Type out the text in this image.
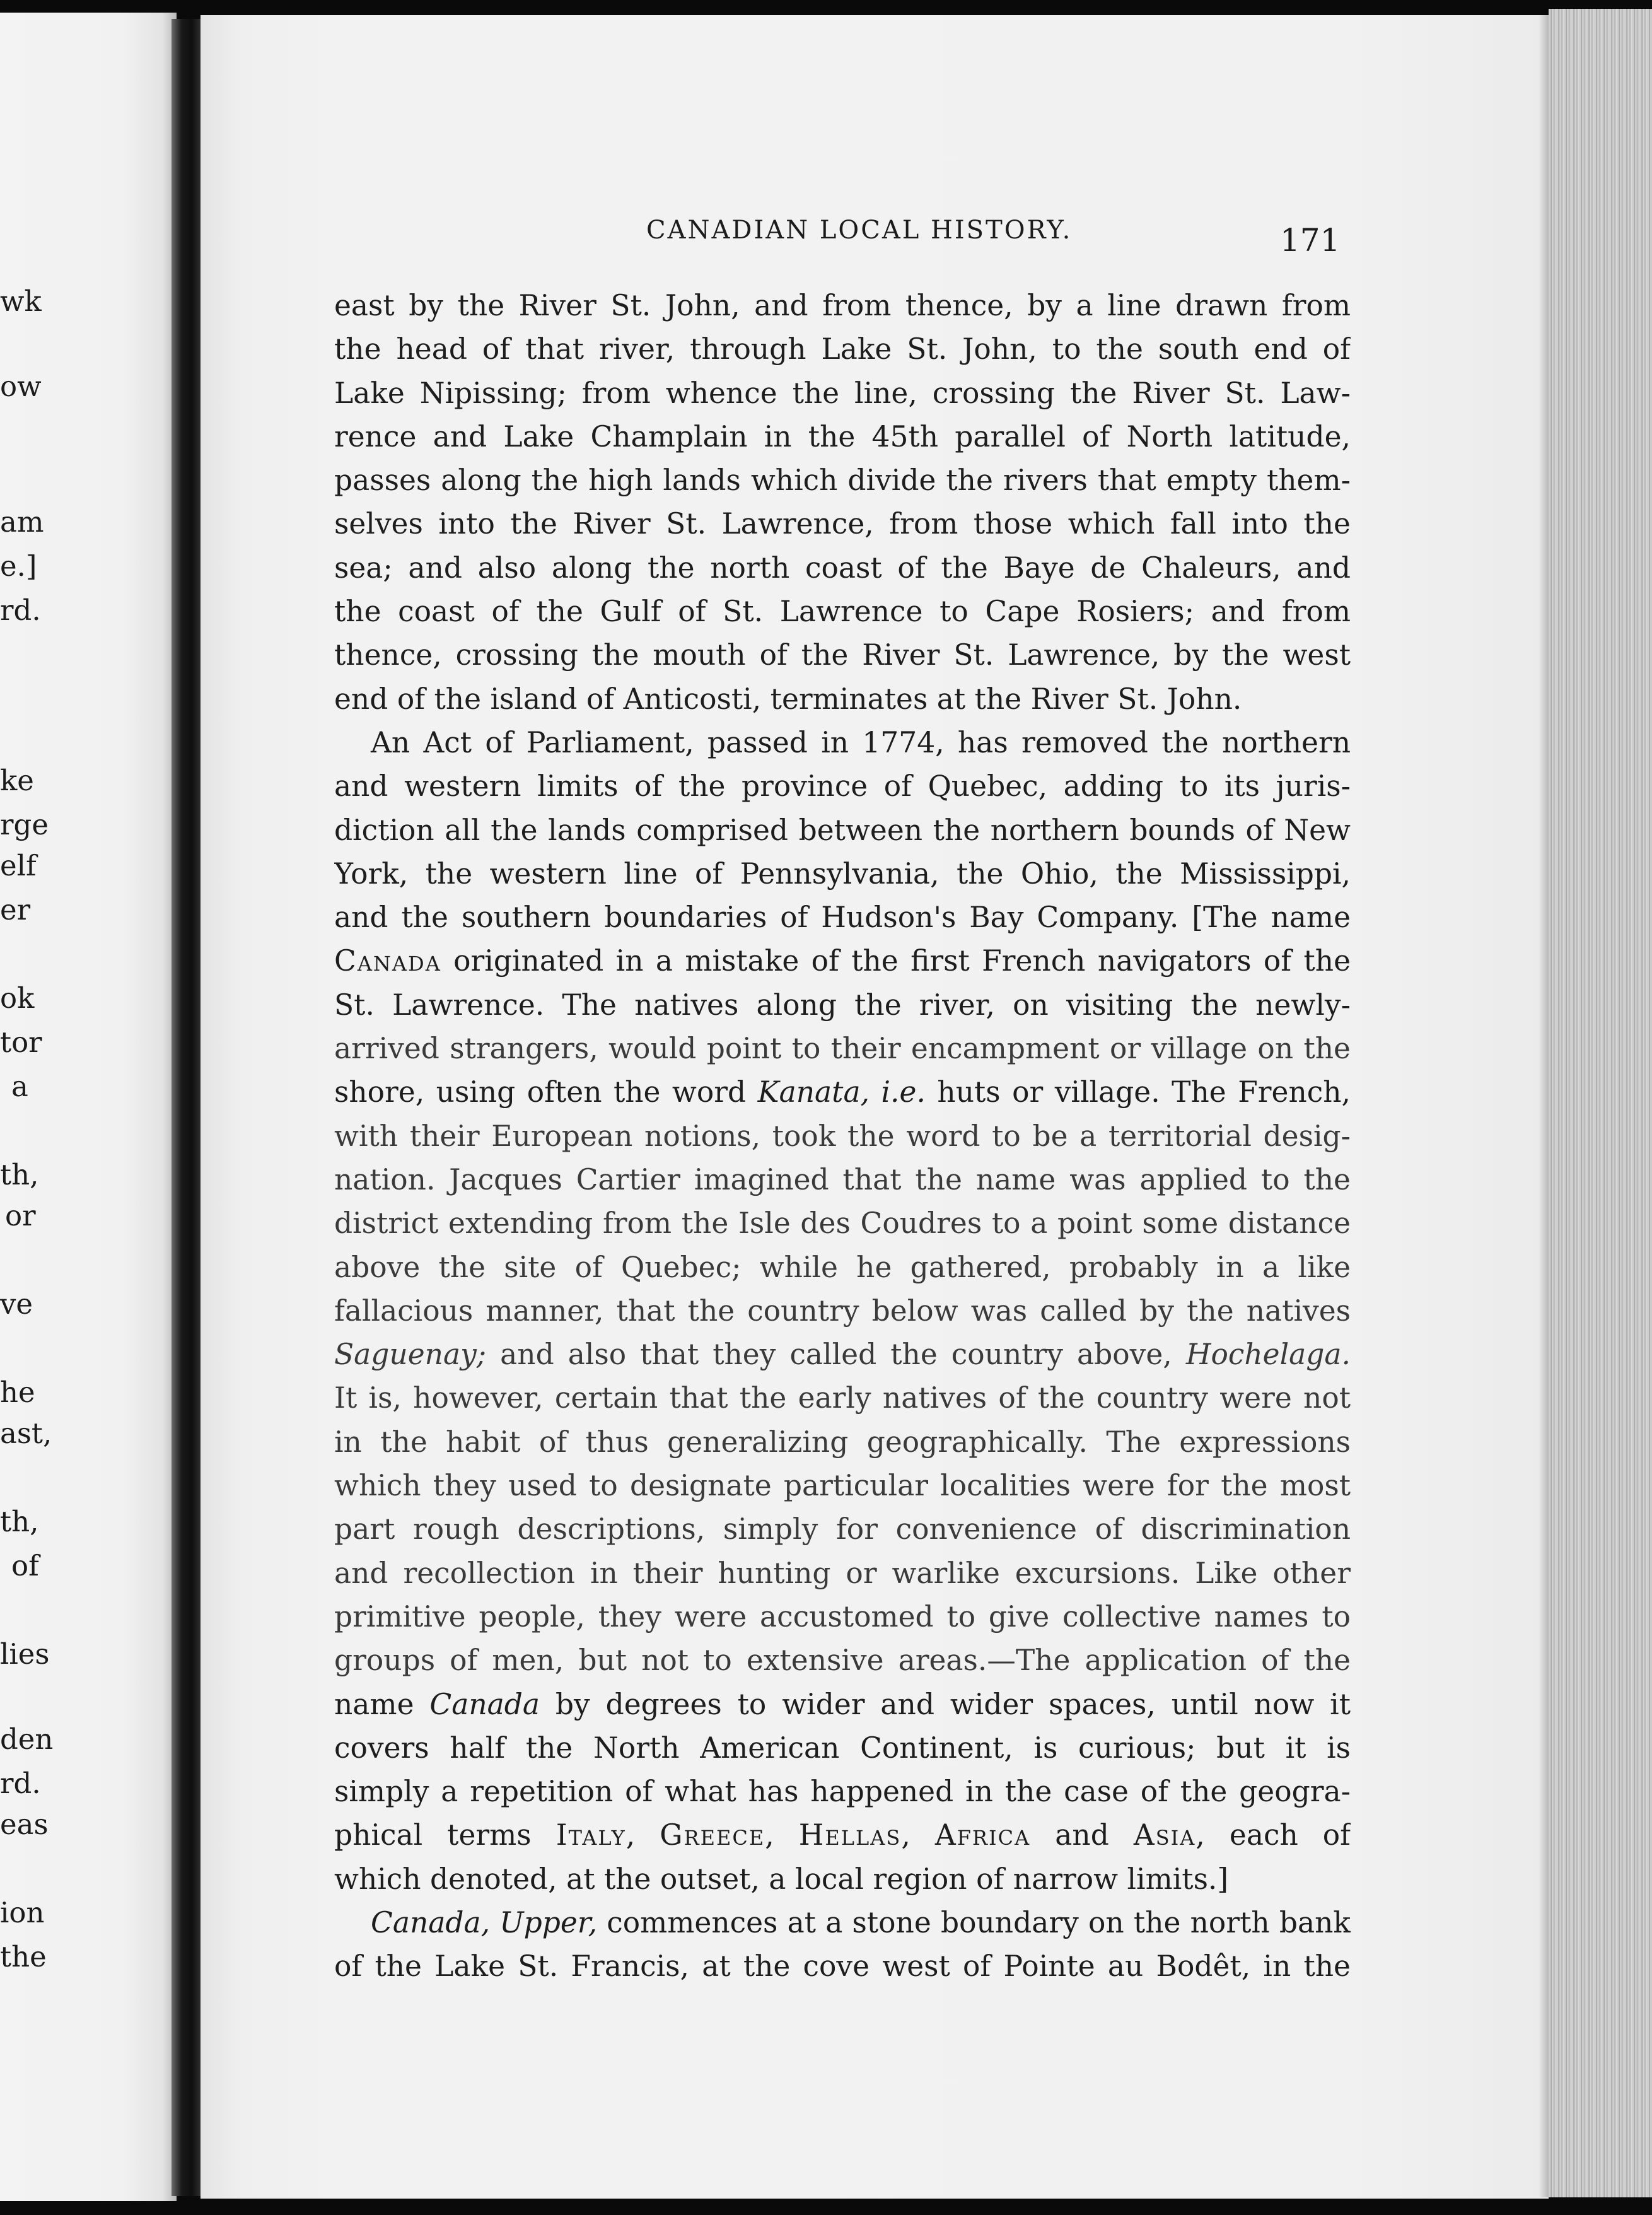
wk
ow
am
e.]
rd.
ke
rge
elf
er
ok
tor
a
th,
or
ve
he
ast,
th,
of
lies
den
rd.
eas
ion
the
CANADIAN LOCAL HISTORY.	171
east by the River St. John, and from thence, by a line drawn from
the head of that river, through Lake St. John, to the south end of
Lake Nipissing; from whence the line, crossing the River St. Law-
rence and Lake Champlain in the 45th parallel of North latitude,
passes along the high lands which divide the rivers that empty them-
selves into the River St. Lawrence, from those which fall into the
sea; and also along the north coast of the Baye de Chaleurs, and
the coast of the Gulf of St. Lawrence to Cape Rosiers; and from
thence, crossing the mouth of the River St. Lawrence, by the west
end of the island of Anticosti, terminates at the River St. John.
An Act of Parliament, passed in 1774, has removed the northern
and western limits of the province of Quebec, adding to its juris-
diction all the lands comprised between the northern bounds of New
York, the western line of Pennsylvania, the Ohio, the Mississippi,
and the southern boundaries of Hudson's Bay Company. [The name
Canada originated in a mistake of the first French navigators of the
St. Lawrence. The natives along the river, on visiting the newly-
arrived strangers, would point to their encampment or village on the
shore, using often the word Kanata, i.e. huts or village. The French,
with their European notions, took the word to be a territorial desig-
nation. Jacques Cartier imagined that the name was applied to the
district extending from the Isle des Coudres to a point some distance
above the site of Quebec; while he gathered, probably in a like
fallacious manner, that the country below was called by the natives
Saguenay; and also that they called the country above, Hochelaga.
It is, however, certain that the early natives of the country were not
in the habit of thus generalizing geographically. The expressions
which they used to designate particular localities were for the most
part rough descriptions, simply for convenience of discrimination
and recollection in their hunting or warlike excursions. Like other
primitive people, they were accustomed to give collective names to
groups of men, but not to extensive areas.—The application of the
name Canada by degrees to wider and wider spaces, until now it
covers half the North American Continent, is curious; but it is
simply a repetition of what has happened in the case of the geogra-
phical terms Italy, Greece, Hellas, Africa and Asia, each of
which denoted, at the outset, a local region of narrow limits.]
Canada, Upper, commences at a stone boundary on the north bank
of the Lake St. Francis, at the cove west of Pointe au Bodêt, in the
